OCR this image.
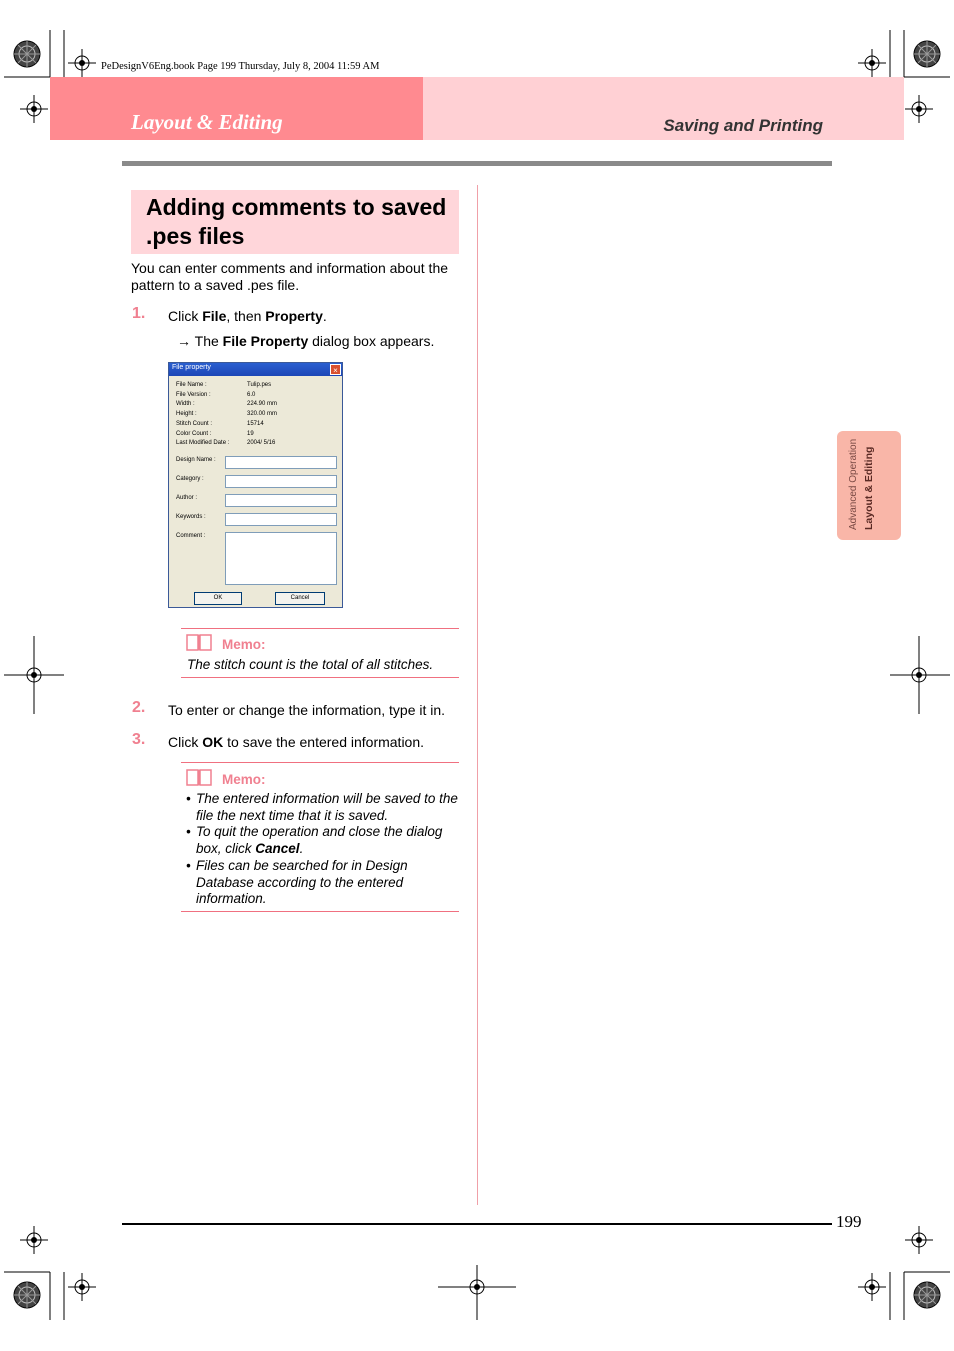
PeDesignV6Eng.book Page 199 Thursday, July 8, 2004 11:59 AM
Layout & Editing	Saving and Printing
Adding comments to saved .pes files
You can enter comments and information about the pattern to a saved .pes file.
1. Click File, then Property.
→ The File Property dialog box appears.
File property	×
File Name :	Tulip.pes
File Version :	6.0
Width :	224.90 mm
Height :	320.00 mm
Stitch Count :	15714
Color Count :	19
Last Modified Date :	2004/ 5/16
Design Name :
Category :
Author :
Keywords :
Comment :
OK	Cancel
Memo:
The stitch count is the total of all stitches.
2. To enter or change the information, type it in.
3. Click OK to save the entered information.
Memo:
• The entered information will be saved to the file the next time that it is saved.
• To quit the operation and close the dialog box, click Cancel.
• Files can be searched for in Design Database according to the entered information.
Advanced Operation Layout & Editing
199
